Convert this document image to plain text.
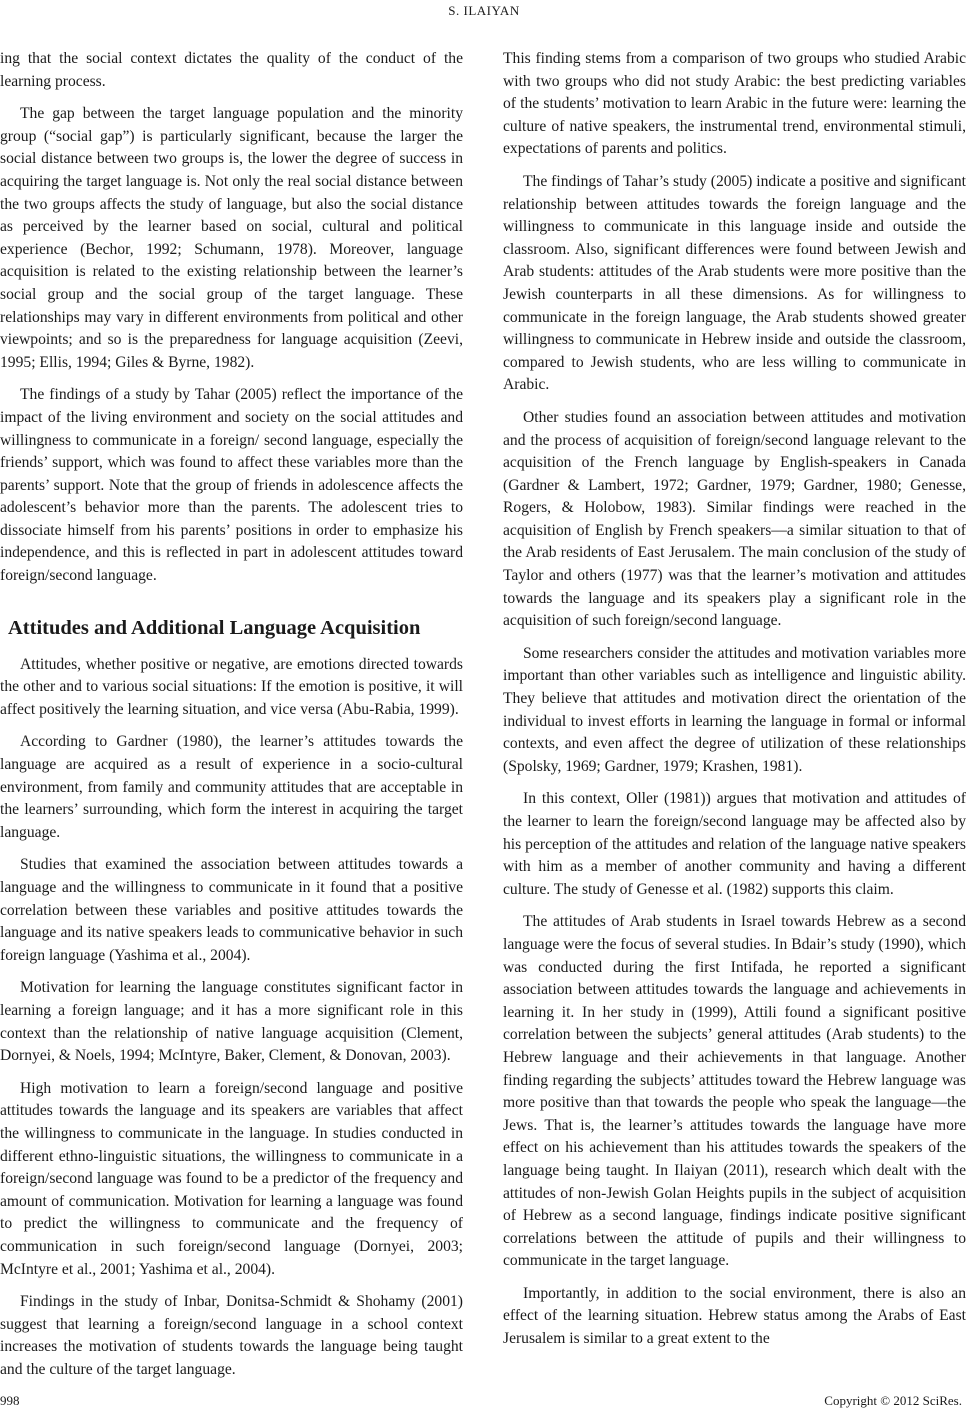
S. ILAIYAN

ing that the social context dictates the quality of the conduct of the learning process.

The gap between the target language population and the minority group (“social gap”) is particularly significant, because the larger the social distance between two groups is, the lower the degree of success in acquiring the target language is. Not only the real social distance between the two groups affects the study of language, but also the social distance as perceived by the learner based on social, cultural and political experience (Bechor, 1992; Schumann, 1978). Moreover, language acquisition is related to the existing relationship between the learner’s social group and the social group of the target language. These relationships may vary in different environments from political and other viewpoints; and so is the preparedness for language acquisition (Zeevi, 1995; Ellis, 1994; Giles & Byrne, 1982).

The findings of a study by Tahar (2005) reflect the importance of the impact of the living environment and society on the social attitudes and willingness to communicate in a foreign/ second language, especially the friends’ support, which was found to affect these variables more than the parents’ support. Note that the group of friends in adolescence affects the adolescent’s behavior more than the parents. The adolescent tries to dissociate himself from his parents’ positions in order to emphasize his independence, and this is reflected in part in adolescent attitudes toward foreign/second language.

Attitudes and Additional Language Acquisition

Attitudes, whether positive or negative, are emotions directed towards the other and to various social situations: If the emotion is positive, it will affect positively the learning situation, and vice versa (Abu-Rabia, 1999).

According to Gardner (1980), the learner’s attitudes towards the language are acquired as a result of experience in a socio-cultural environment, from family and community attitudes that are acceptable in the learners’ surrounding, which form the interest in acquiring the target language.

Studies that examined the association between attitudes towards a language and the willingness to communicate in it found that a positive correlation between these variables and positive attitudes towards the language and its native speakers leads to communicative behavior in such foreign language (Yashima et al., 2004).

Motivation for learning the language constitutes significant factor in learning a foreign language; and it has a more significant role in this context than the relationship of native language acquisition (Clement, Dornyei, & Noels, 1994; McIntyre, Baker, Clement, & Donovan, 2003).

High motivation to learn a foreign/second language and positive attitudes towards the language and its speakers are variables that affect the willingness to communicate in the language. In studies conducted in different ethno-linguistic situations, the willingness to communicate in a foreign/second language was found to be a predictor of the frequency and amount of communication. Motivation for learning a language was found to predict the willingness to communicate and the frequency of communication in such foreign/second language (Dornyei, 2003; McIntyre et al., 2001; Yashima et al., 2004).

Findings in the study of Inbar, Donitsa-Schmidt & Shohamy (2001) suggest that learning a foreign/second language in a school context increases the motivation of students towards the language being taught and the culture of the target language.

This finding stems from a comparison of two groups who studied Arabic with two groups who did not study Arabic: the best predicting variables of the students’ motivation to learn Arabic in the future were: learning the culture of native speakers, the instrumental trend, environmental stimuli, expectations of parents and politics.

The findings of Tahar’s study (2005) indicate a positive and significant relationship between attitudes towards the foreign language and the willingness to communicate in this language inside and outside the classroom. Also, significant differences were found between Jewish and Arab students: attitudes of the Arab students were more positive than the Jewish counterparts in all these dimensions. As for willingness to communicate in the foreign language, the Arab students showed greater willingness to communicate in Hebrew inside and outside the classroom, compared to Jewish students, who are less willing to communicate in Arabic.

Other studies found an association between attitudes and motivation and the process of acquisition of foreign/second language relevant to the acquisition of the French language by English-speakers in Canada (Gardner & Lambert, 1972; Gardner, 1979; Gardner, 1980; Genesse, Rogers, & Holobow, 1983). Similar findings were reached in the acquisition of English by French speakers—a similar situation to that of the Arab residents of East Jerusalem. The main conclusion of the study of Taylor and others (1977) was that the learner’s motivation and attitudes towards the language and its speakers play a significant role in the acquisition of such foreign/second language.

Some researchers consider the attitudes and motivation variables more important than other variables such as intelligence and linguistic ability. They believe that attitudes and motivation direct the orientation of the individual to invest efforts in learning the language in formal or informal contexts, and even affect the degree of utilization of these relationships (Spolsky, 1969; Gardner, 1979; Krashen, 1981).

In this context, Oller (1981)) argues that motivation and attitudes of the learner to learn the foreign/second language may be affected also by his perception of the attitudes and relation of the language native speakers with him as a member of another community and having a different culture. The study of Genesse et al. (1982) supports this claim.

The attitudes of Arab students in Israel towards Hebrew as a second language were the focus of several studies. In Bdair’s study (1990), which was conducted during the first Intifada, he reported a significant association between attitudes towards the language and achievements in learning it. In her study in (1999), Attili found a significant positive correlation between the subjects’ general attitudes (Arab students) to the Hebrew language and their achievements in that language. Another finding regarding the subjects’ attitudes toward the Hebrew language was more positive than that towards the people who speak the language—the Jews. That is, the learner’s attitudes towards the language have more effect on his achievement than his attitudes towards the speakers of the language being taught. In Ilaiyan (2011), research which dealt with the attitudes of non-Jewish Golan Heights pupils in the subject of acquisition of Hebrew as a second language, findings indicate positive significant correlations between the attitude of pupils and their willingness to communicate in the target language.

Importantly, in addition to the social environment, there is also an effect of the learning situation. Hebrew status among the Arabs of East Jerusalem is similar to a great extent to the

998	Copyright © 2012 SciRes.
